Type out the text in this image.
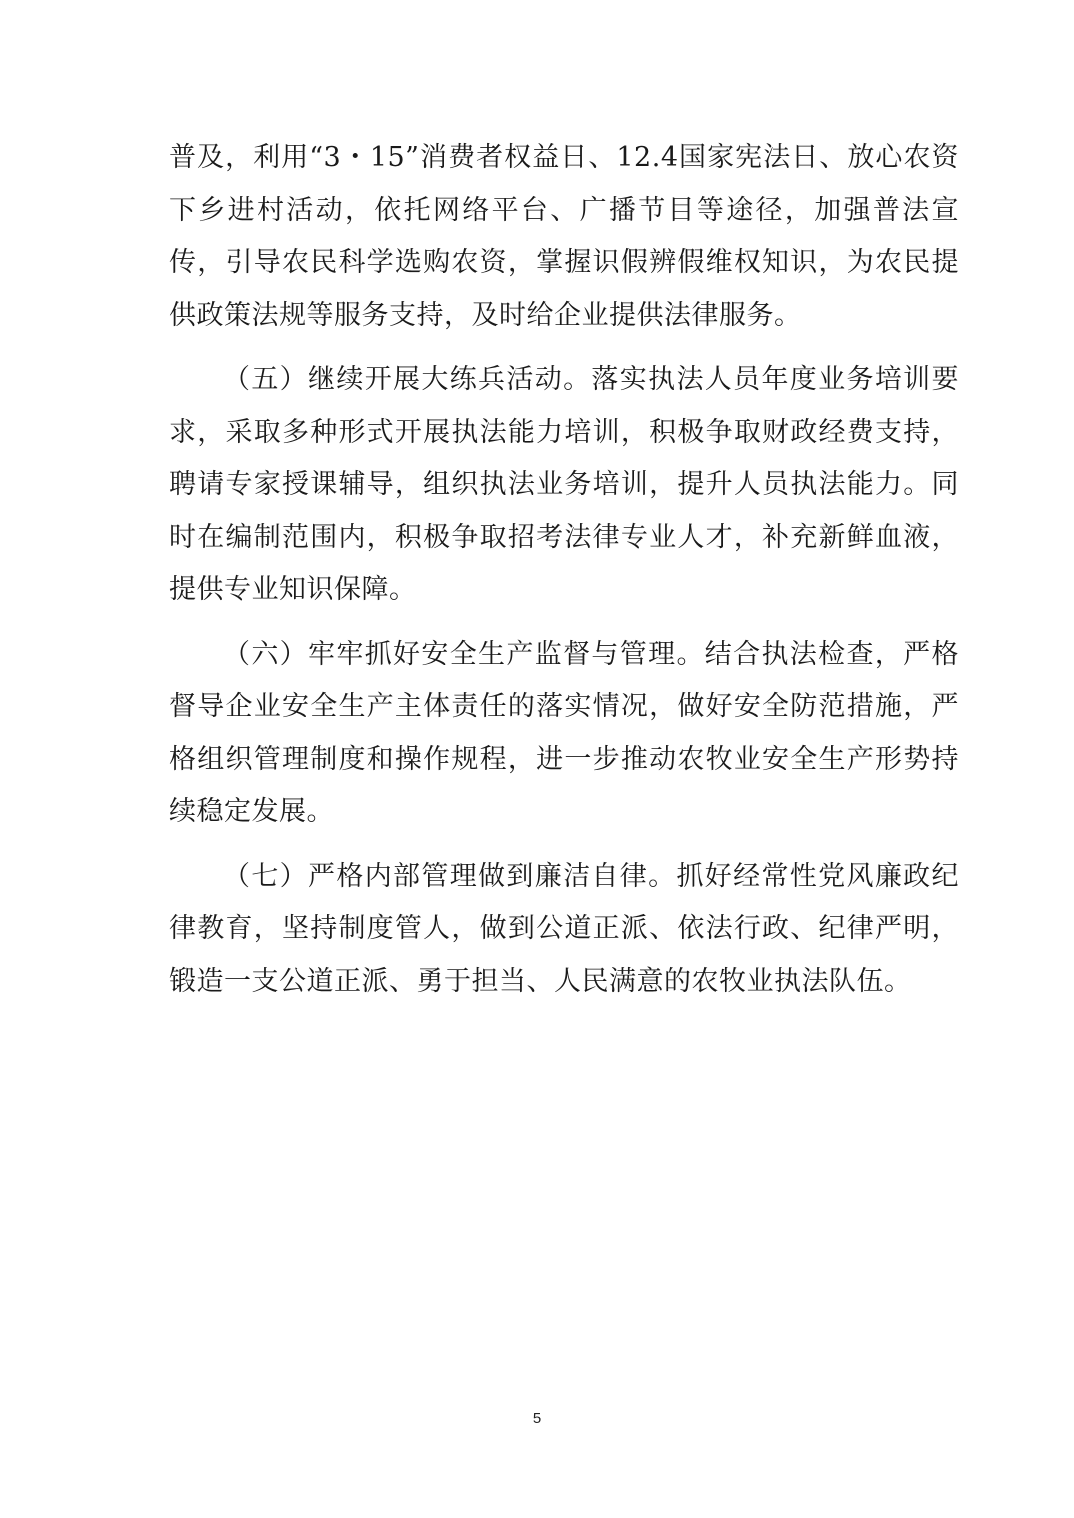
普及，利用“3・15”消费者权益日、12.4国家宪法日、放心农资下乡进村活动，依托网络平台、广播节目等途径，加强普法宣传，引导农民科学选购农资，掌握识假辨假维权知识，为农民提供政策法规等服务支持，及时给企业提供法律服务。

（五）继续开展大练兵活动。落实执法人员年度业务培训要求，采取多种形式开展执法能力培训，积极争取财政经费支持，聘请专家授课辅导，组织执法业务培训，提升人员执法能力。同时在编制范围内，积极争取招考法律专业人才，补充新鲜血液，提供专业知识保障。

（六）牢牢抓好安全生产监督与管理。结合执法检查，严格督导企业安全生产主体责任的落实情况，做好安全防范措施，严格组织管理制度和操作规程，进一步推动农牧业安全生产形势持续稳定发展。

（七）严格内部管理做到廉洁自律。抓好经常性党风廉政纪律教育，坚持制度管人，做到公道正派、依法行政、纪律严明，锻造一支公道正派、勇于担当、人民满意的农牧业执法队伍。

5
